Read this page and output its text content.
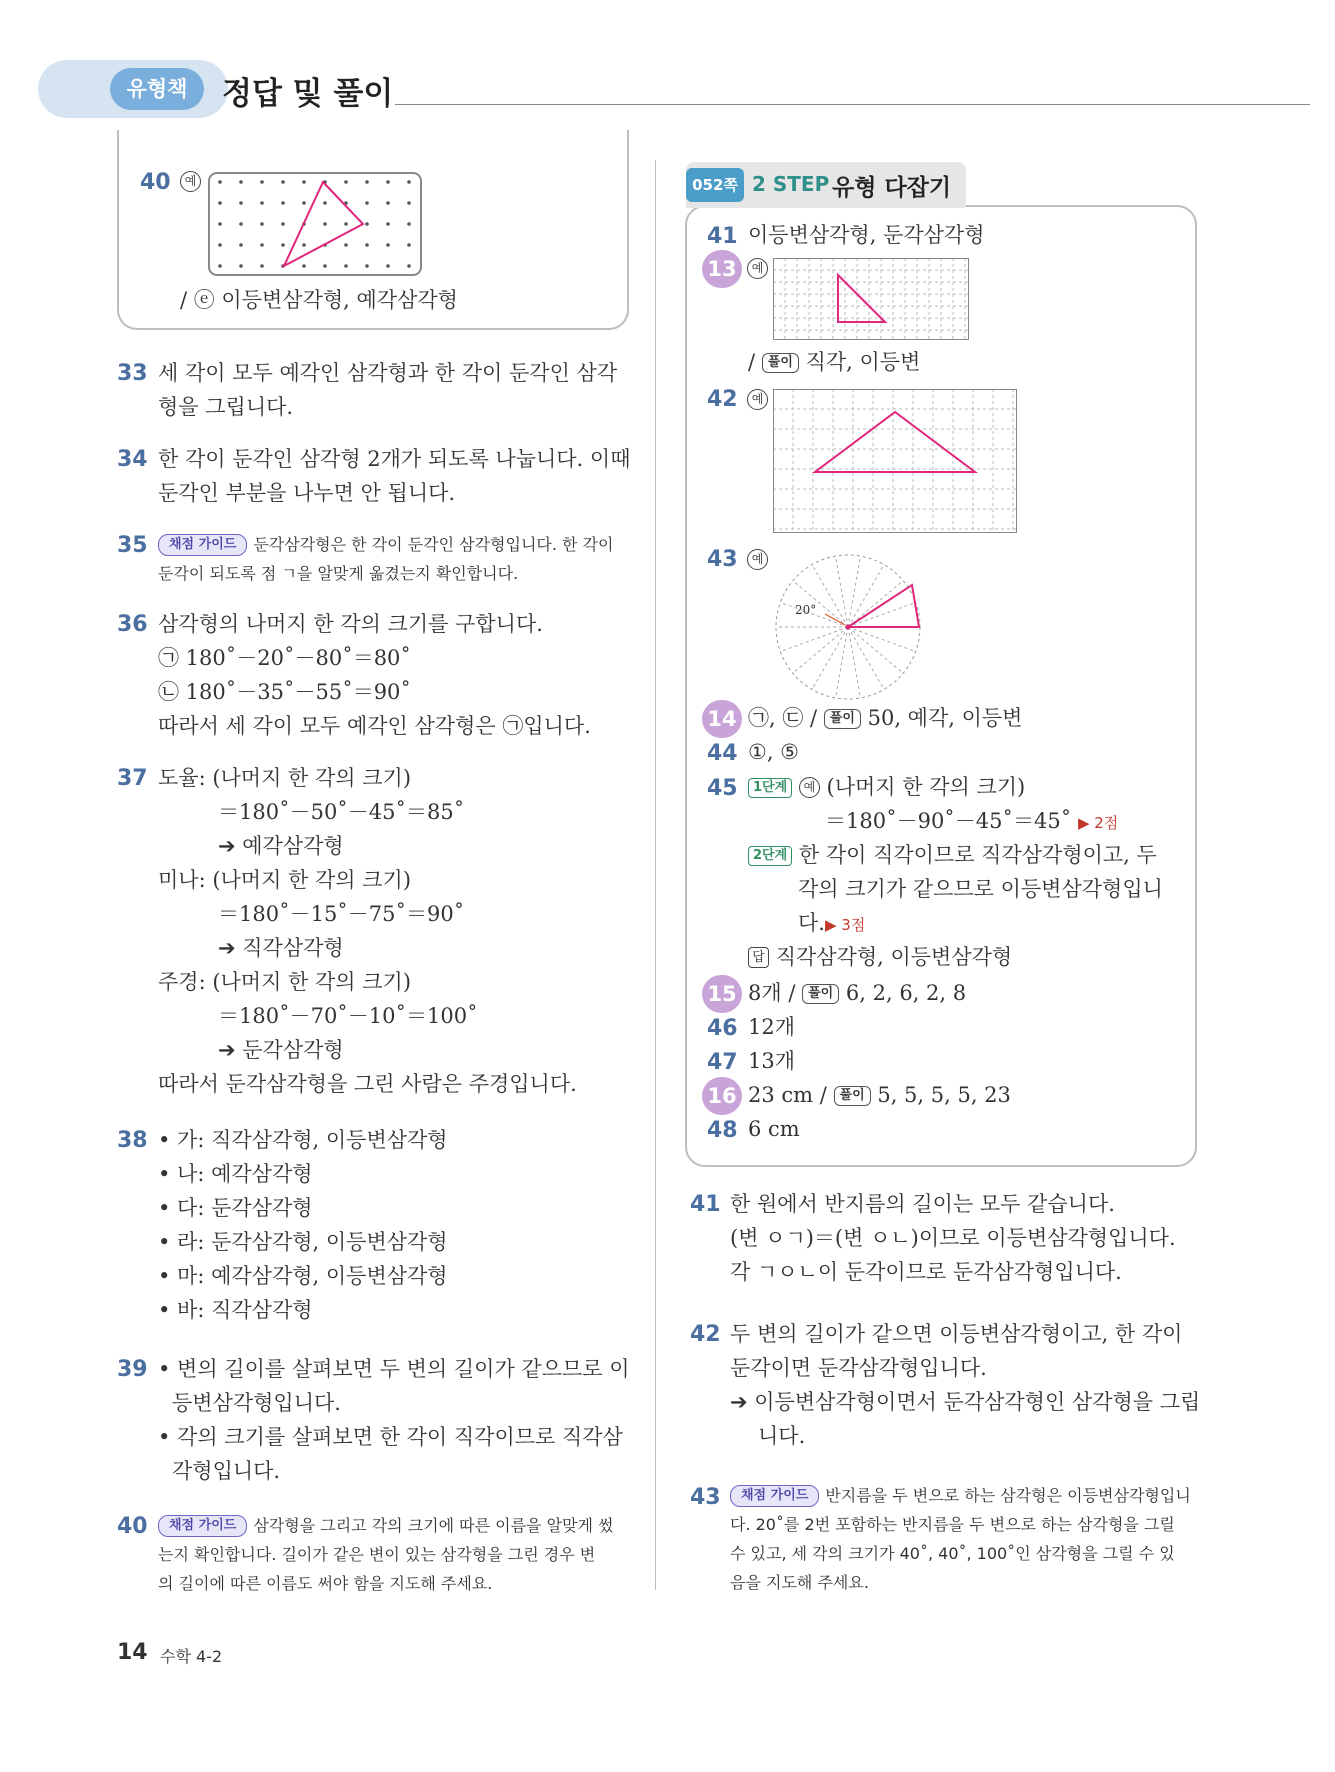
유형책	정답 및 풀이
40	예
/ ⓔ 이등변삼각형, 예각삼각형
33 세 각이 모두 예각인 삼각형과 한 각이 둔각인 삼각
형을 그립니다.
34 한 각이 둔각인 삼각형 2개가 되도록 나눕니다. 이때
둔각인 부분을 나누면 안 됩니다.
35	채점 가이드 둔각삼각형은 한 각이 둔각인 삼각형입니다. 한 각이
둔각이 되도록 점 ㄱ을 알맞게 옮겼는지 확인합니다.
36 삼각형의 나머지 한 각의 크기를 구합니다.
㉠ 180˚－20˚－80˚＝80˚
㉡ 180˚－35˚－55˚＝90˚
따라서 세 각이 모두 예각인 삼각형은 ㉠입니다.
37 도율: (나머지 한 각의 크기)
＝180˚－50˚－45˚＝85˚
➔ 예각삼각형
미나: (나머지 한 각의 크기)
＝180˚－15˚－75˚＝90˚
➔ 직각삼각형
주경: (나머지 한 각의 크기)
＝180˚－70˚－10˚＝100˚
➔ 둔각삼각형
따라서 둔각삼각형을 그린 사람은 주경입니다.
38 • 가: 직각삼각형, 이등변삼각형
• 나: 예각삼각형
• 다: 둔각삼각형
• 라: 둔각삼각형, 이등변삼각형
• 마: 예각삼각형, 이등변삼각형
• 바: 직각삼각형
39 • 변의 길이를 살펴보면 두 변의 길이가 같으므로 이
등변삼각형입니다.
• 각의 크기를 살펴보면 한 각이 직각이므로 직각삼
각형입니다.
40	채점 가이드 삼각형을 그리고 각의 크기에 따른 이름을 알맞게 썼
는지 확인합니다. 길이가 같은 변이 있는 삼각형을 그린 경우 변
의 길이에 따른 이름도 써야 함을 지도해 주세요.
052쪽 2 STEP 유형 다잡기
41 이등변삼각형, 둔각삼각형
13	예
/ 풀이 직각, 이등변
42	예
43	예
20°
14 ㉠, ㉢ / 풀이 50, 예각, 이등변
44 ①, ⑤
45	1단계 예 (나머지 한 각의 크기)
＝180˚－90˚－45˚＝45˚ ▶ 2점
2단계 한 각이 직각이므로 직각삼각형이고, 두
각의 크기가 같으므로 이등변삼각형입니
다.▶ 3점
답 직각삼각형, 이등변삼각형
15 8개 / 풀이 6, 2, 6, 2, 8
46 12개
47 13개
16 23 cm / 풀이 5, 5, 5, 5, 23
48 6 cm
41 한 원에서 반지름의 길이는 모두 같습니다.
(변 ㅇㄱ)＝(변 ㅇㄴ)이므로 이등변삼각형입니다.
각 ㄱㅇㄴ이 둔각이므로 둔각삼각형입니다.
42 두 변의 길이가 같으면 이등변삼각형이고, 한 각이
둔각이면 둔각삼각형입니다.
➔ 이등변삼각형이면서 둔각삼각형인 삼각형을 그립
니다.
43	채점 가이드 반지름을 두 변으로 하는 삼각형은 이등변삼각형입니
다. 20˚를 2번 포함하는 반지름을 두 변으로 하는 삼각형을 그릴
수 있고, 세 각의 크기가 40˚, 40˚, 100˚인 삼각형을 그릴 수 있
음을 지도해 주세요.
14 수학 4-2
